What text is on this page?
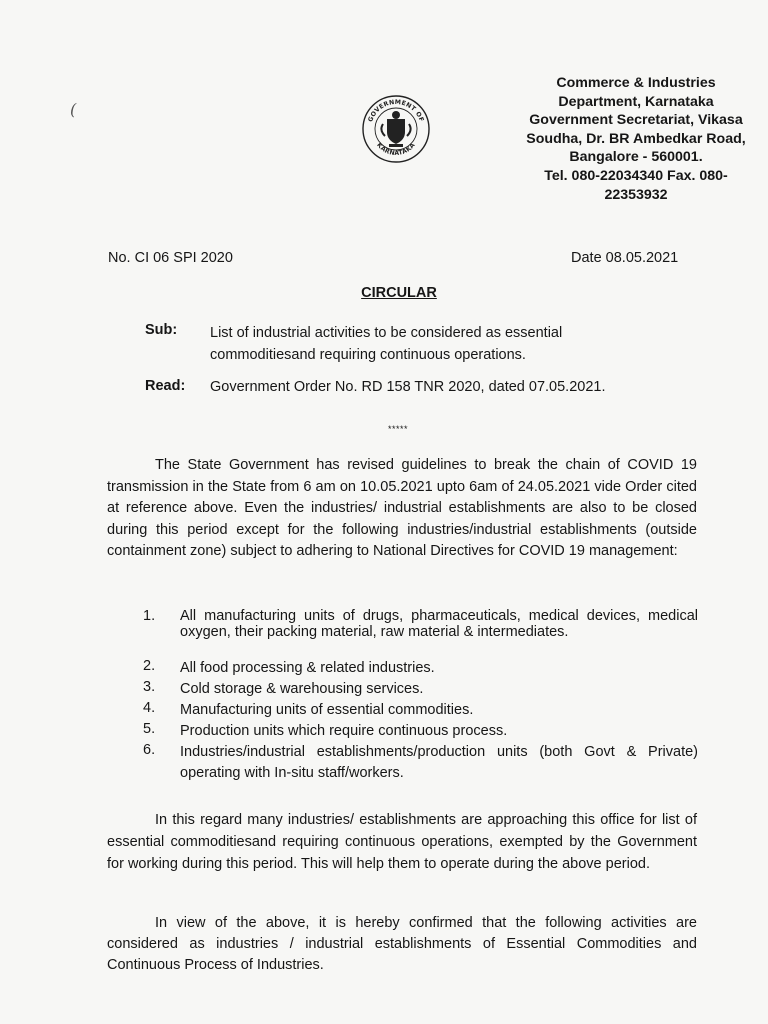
(
GOVERNMENT OF
KARNATAKA
Commerce & Industries
Department, Karnataka
Government Secretariat, Vikasa
Soudha, Dr. BR Ambedkar Road,
Bangalore - 560001.
Tel. 080-22034340 Fax. 080-
22353932
No. CI 06 SPI 2020	Date 08.05.2021
CIRCULAR
Sub: List of industrial activities to be considered as essential commoditiesand requiring continuous operations.
Read: Government Order No. RD 158 TNR 2020, dated 07.05.2021.
*****
The State Government has revised guidelines to break the chain of COVID 19 transmission in the State from 6 am on 10.05.2021 upto 6am of 24.05.2021 vide Order cited at reference above. Even the industries/ industrial establishments are also to be closed during this period except for the following industries/industrial establishments (outside containment zone) subject to adhering to National Directives for COVID 19 management:
1.	All manufacturing units of drugs, pharmaceuticals, medical devices, medical oxygen, their packing material, raw material & intermediates.
2.	All food processing & related industries.
3.	Cold storage & warehousing services.
4.	Manufacturing units of essential commodities.
5.	Production units which require continuous process.
6.	Industries/industrial establishments/production units (both Govt & Private) operating with In-situ staff/workers.
In this regard many industries/ establishments are approaching this office for list of essential commoditiesand requiring continuous operations, exempted by the Government for working during this period. This will help them to operate during the above period.
In view of the above, it is hereby confirmed that the following activities are considered as industries / industrial establishments of Essential Commodities and Continuous Process of Industries.
